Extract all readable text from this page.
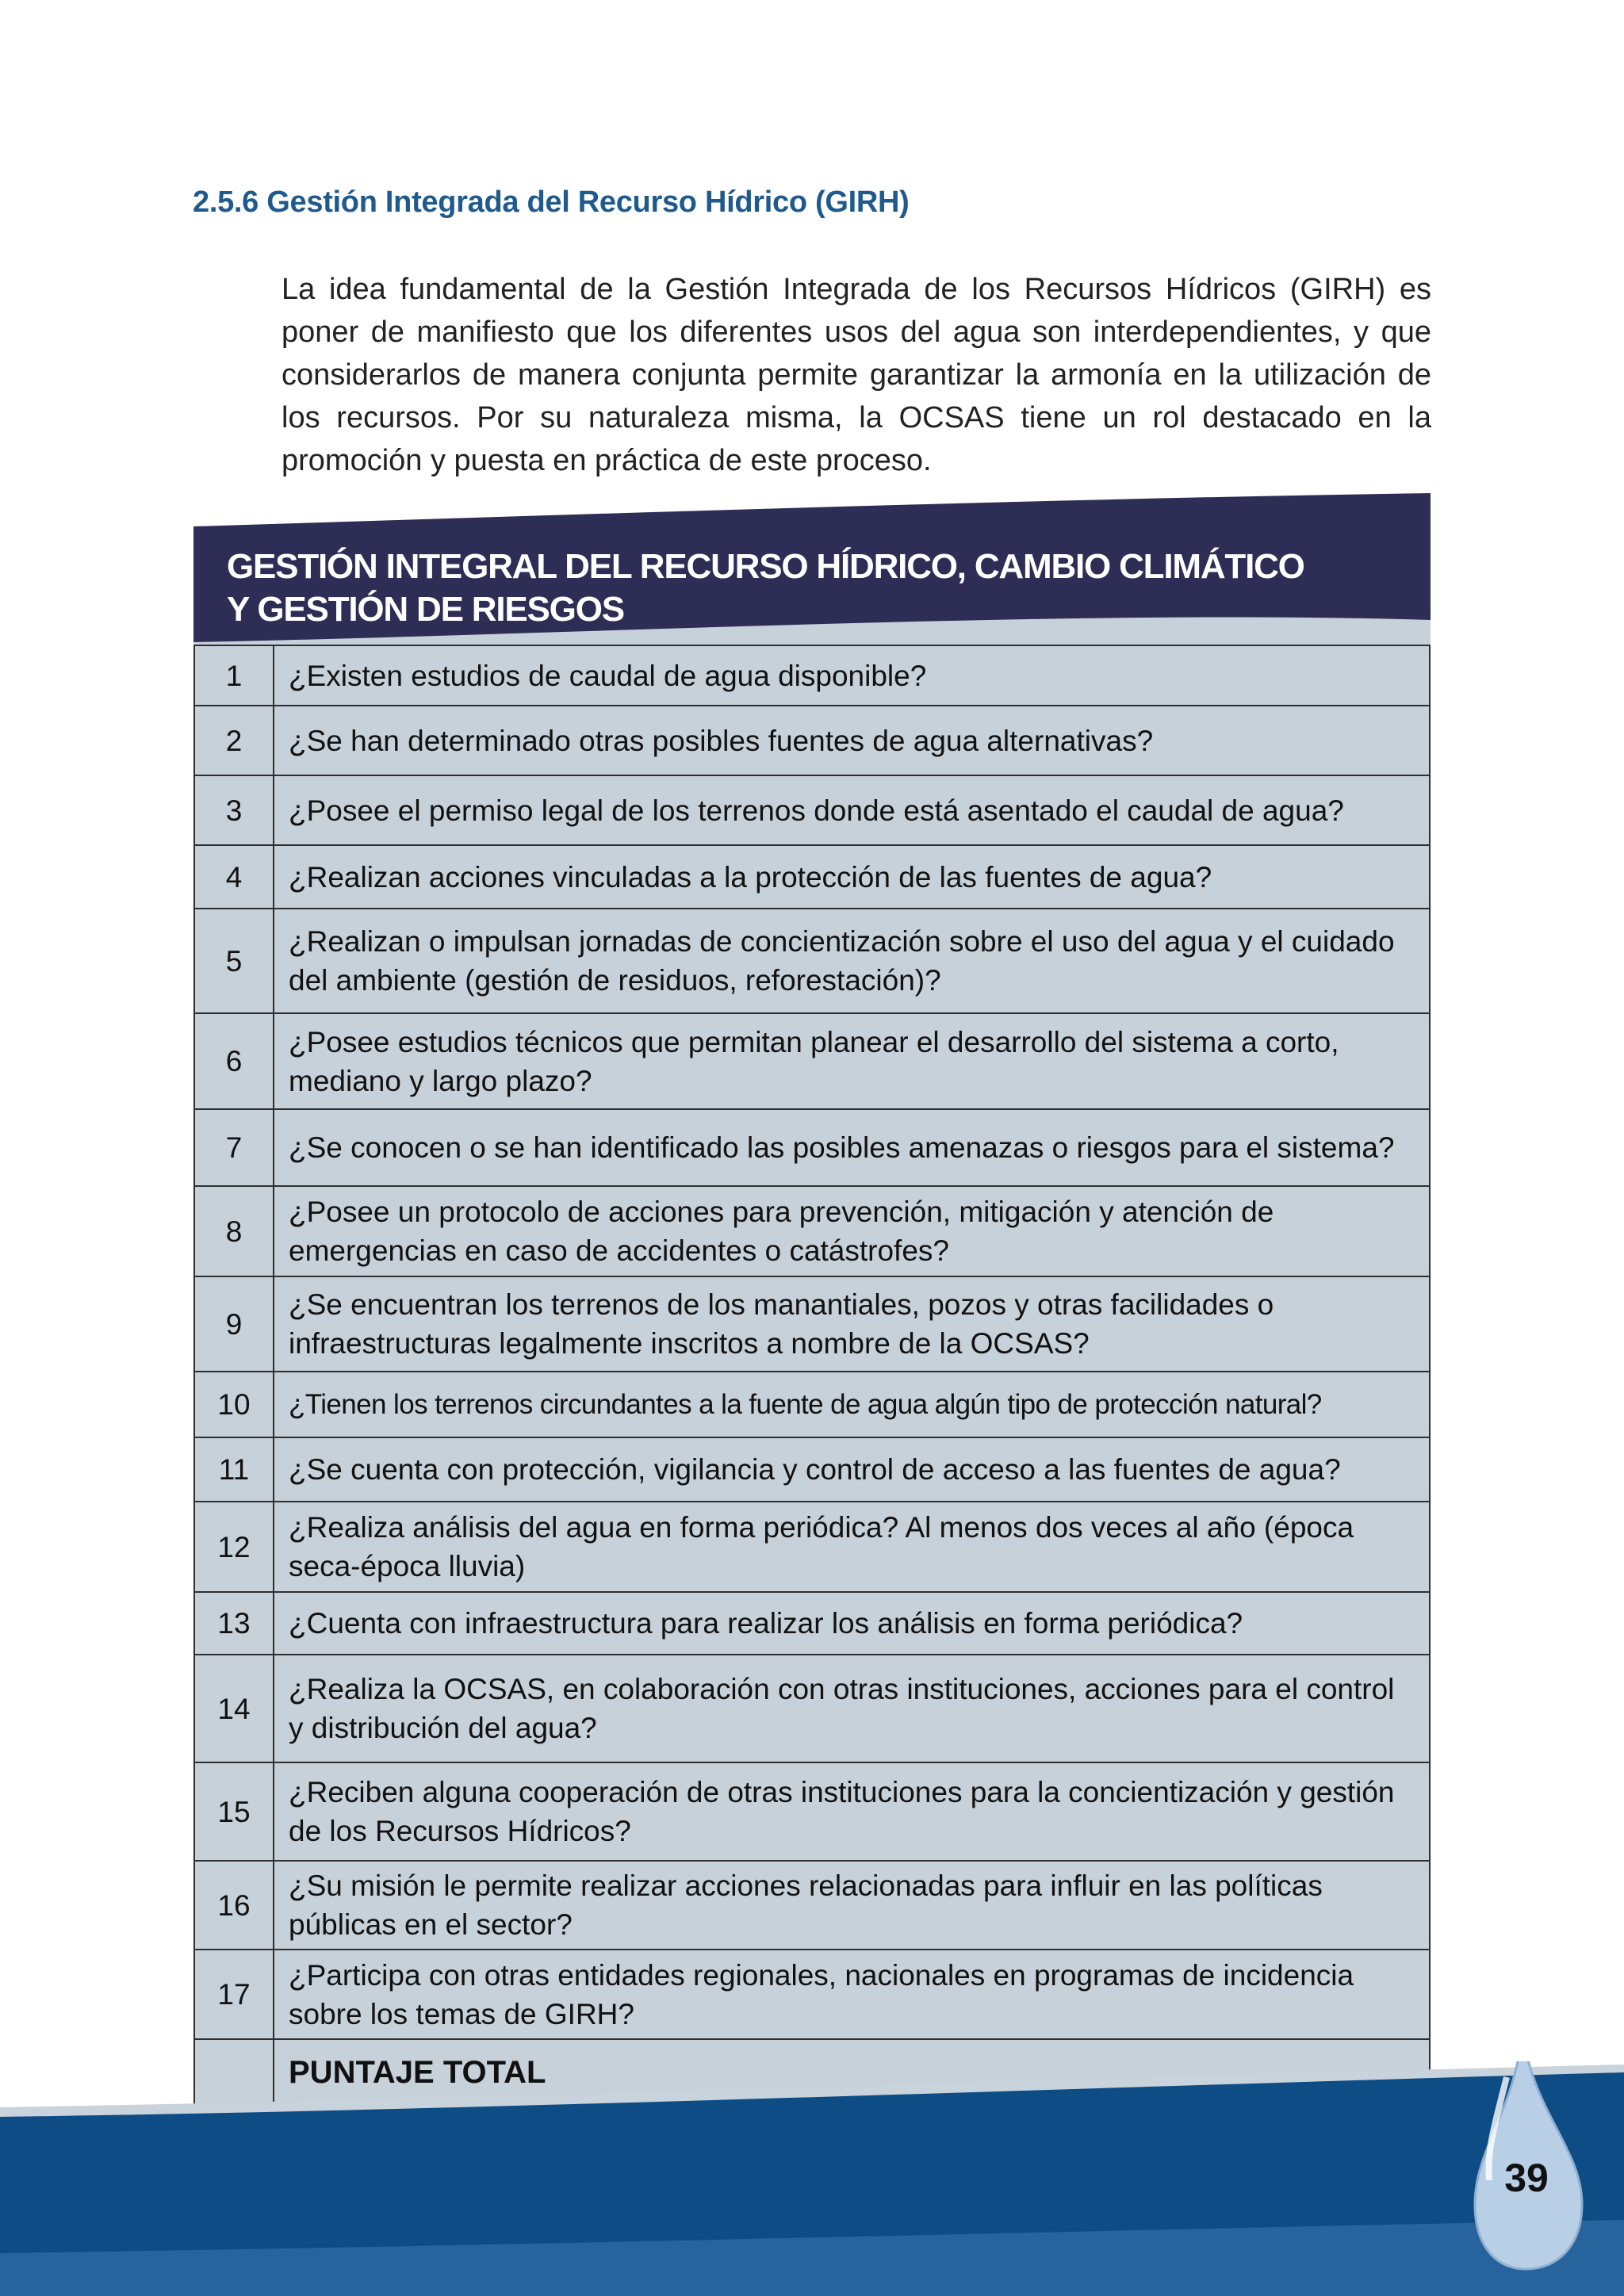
2.5.6 Gestión Integrada del Recurso Hídrico (GIRH)

La idea fundamental de la Gestión Integrada de los Recursos Hídricos (GIRH) es poner de manifiesto que los diferentes usos del agua son interdependientes, y que considerarlos de manera conjunta permite garantizar la armonía en la utilización de los recursos. Por su naturaleza misma, la OCSAS tiene un rol destacado en la promoción y puesta en práctica de este proceso.

GESTIÓN INTEGRAL DEL RECURSO HÍDRICO, CAMBIO CLIMÁTICO
Y GESTIÓN DE RIESGOS
1	¿Existen estudios de caudal de agua disponible?
2	¿Se han determinado otras posibles fuentes de agua alternativas?
3	¿Posee el permiso legal de los terrenos donde está asentado el caudal de agua?
4	¿Realizan acciones vinculadas a la protección de las fuentes de agua?
5	¿Realizan o impulsan jornadas de concientización sobre el uso del agua y el cuidado del ambiente (gestión de residuos, reforestación)?
6	¿Posee estudios técnicos que permitan planear el desarrollo del sistema a corto, mediano y largo plazo?
7	¿Se conocen o se han identificado las posibles amenazas o riesgos para el sistema?
8	¿Posee un protocolo de acciones para prevención, mitigación y atención de emergencias en caso de accidentes o catástrofes?
9	¿Se encuentran los terrenos de los manantiales, pozos y otras facilidades o infraestructuras legalmente inscritos a nombre de la OCSAS?
10	¿Tienen los terrenos circundantes a la fuente de agua algún tipo de protección natural?
11	¿Se cuenta con protección, vigilancia y control de acceso a las fuentes de agua?
12	¿Realiza análisis del agua en forma periódica? Al menos dos veces al año (época seca-época lluvia)
13	¿Cuenta con infraestructura para realizar los análisis en forma periódica?
14	¿Realiza la OCSAS, en colaboración con otras instituciones, acciones para el control y distribución del agua?
15	¿Reciben alguna cooperación de otras instituciones para la concientización y gestión de los Recursos Hídricos?
16	¿Su misión le permite realizar acciones relacionadas para influir en las políticas públicas en el sector?
17	¿Participa con otras entidades regionales, nacionales en programas de incidencia sobre los temas de GIRH?
	PUNTAJE TOTAL
39
